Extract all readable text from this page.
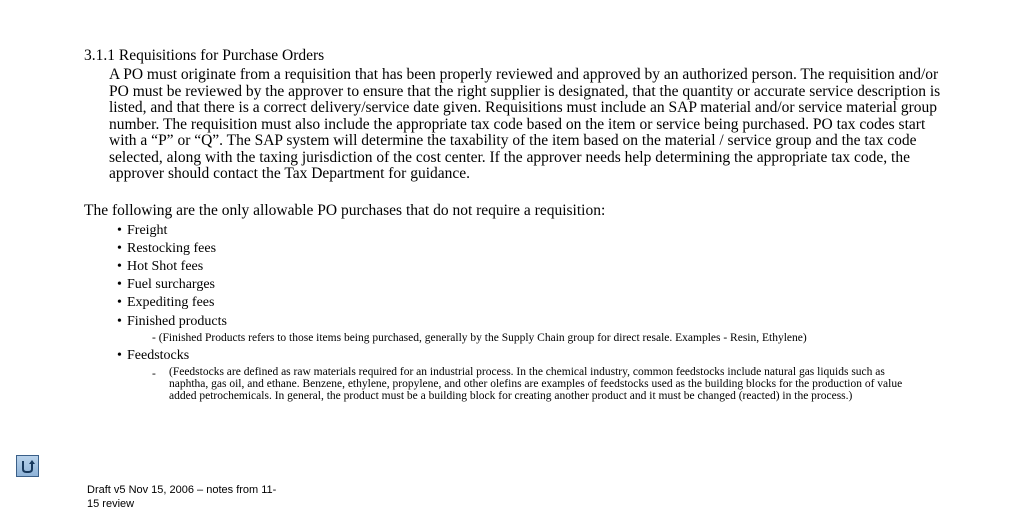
3.1.1 Requisitions for Purchase Orders
A PO must originate from a requisition that has been properly reviewed and approved by an authorized person. The requisition and/or PO must be reviewed by the approver to ensure that the right supplier is designated, that the quantity or accurate service description is listed, and that there is a correct delivery/service date given. Requisitions must include an SAP material and/or service material group number. The requisition must also include the appropriate tax code based on the item or service being purchased. PO tax codes start with a “P” or “Q”. The SAP system will determine the taxability of the item based on the material / service group and the tax code selected, along with the taxing jurisdiction of the cost center. If the approver needs help determining the appropriate tax code, the approver should contact the Tax Department for guidance.
The following are the only allowable PO purchases that do not require a requisition:
• Freight
• Restocking fees
• Hot Shot fees
• Fuel surcharges
• Expediting fees
• Finished products
- (Finished Products refers to those items being purchased, generally by the Supply Chain group for direct resale. Examples - Resin, Ethylene)
• Feedstocks
- (Feedstocks are defined as raw materials required for an industrial process. In the chemical industry, common feedstocks include natural gas liquids such as naphtha, gas oil, and ethane. Benzene, ethylene, propylene, and other olefins are examples of feedstocks used as the building blocks for the production of value added petrochemicals. In general, the product must be a building block for creating another product and it must be changed (reacted) in the process.)
Draft v5 Nov 15, 2006 – notes from 11-15 review
